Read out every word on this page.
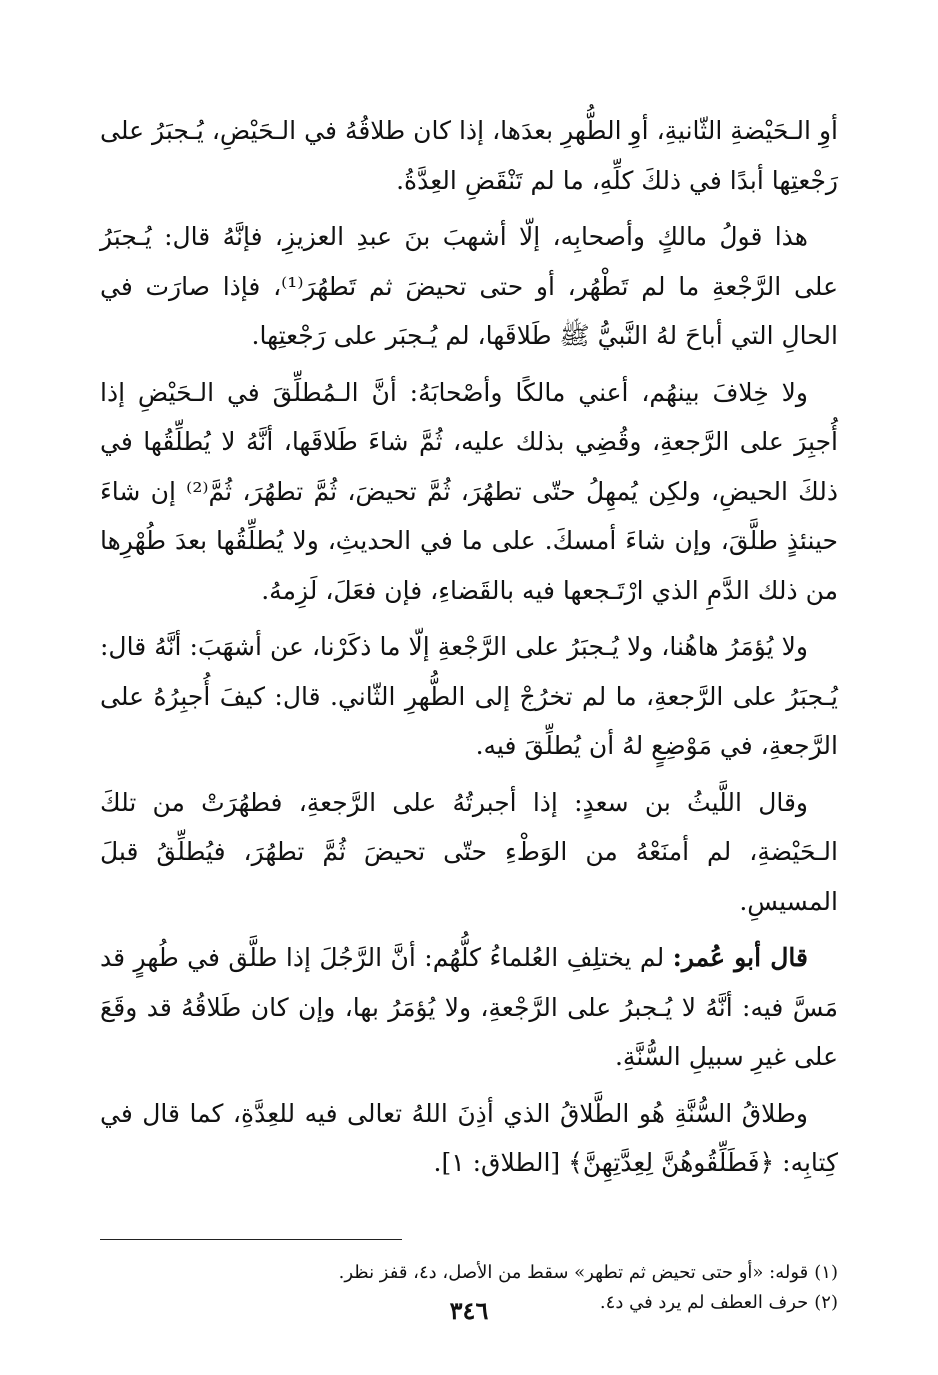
أوِ الـحَيْضةِ الثّانيةِ، أوِ الطُّهرِ بعدَها، إذا كان طلاقُهُ في الـحَيْضِ، يُـجبَرُ على رَجْعتِها أبدًا في ذلكَ كلِّهِ، ما لم تَنْقَضِ العِدَّةُ.
هذا قولُ مالكٍ وأصحابِه، إلّا أشهبَ بنَ عبدِ العزيزِ، فإنَّهُ قال: يُـجبَرُ على الرَّجْعةِ ما لم تَطْهُر، أو حتى تحيضَ ثم تَطهُرَ⁽¹⁾، فإذا صارَت في الحالِ التي أباحَ لهُ النَّبيُّ ﷺ طَلاقَها، لم يُـجبَر على رَجْعتِها.
ولا خِلافَ بينهُم، أعني مالكًا وأصْحابَهُ: أنَّ الـمُطلِّقَ في الـحَيْضِ إذا أُجبِرَ على الرَّجعةِ، وقُضِي بذلك عليه، ثُمَّ شاءَ طَلاقَها، أنَّهُ لا يُطلِّقُها في ذلكَ الحيضِ، ولكِن يُمهِلُ حتّى تطهُرَ، ثُمَّ تحيضَ، ثُمَّ تطهُرَ، ثُمَّ⁽²⁾ إن شاءَ حينئذٍ طلَّقَ، وإن شاءَ أمسكَ. على ما في الحديثِ، ولا يُطلِّقُها بعدَ طُهْرِها من ذلك الدَّمِ الذي ارْتَـجعها فيه بالقَضاءِ، فإن فعَلَ، لَزِمهُ.
ولا يُؤمَرُ هاهُنا، ولا يُـجبَرُ على الرَّجْعةِ إلّا ما ذكَرْنا، عن أشهَبَ: أنَّهُ قال: يُـجبَرُ على الرَّجعةِ، ما لم تخرُجْ إلى الطُّهرِ الثّاني. قال: كيفَ أُجبِرُهُ على الرَّجعةِ، في مَوْضِعٍ لهُ أن يُطلِّقَ فيه.
وقال اللَّيثُ بن سعدٍ: إذا أجبرتُهُ على الرَّجعةِ، فطهُرَتْ من تلكَ الـحَيْضةِ، لم أمنَعْهُ من الوَطْءِ حتّى تحيضَ ثُمَّ تطهُرَ، فيُطلِّقُ قبلَ المسيسِ.
قال أبو عُمر: لم يختلِفِ العُلماءُ كلُّهُم: أنَّ الرَّجُلَ إذا طلَّق في طُهرٍ قد مَسَّ فيه: أنَّهُ لا يُـجبرُ على الرَّجْعةِ، ولا يُؤمَرُ بها، وإن كان طَلاقُهُ قد وقَعَ على غيرِ سبيلِ السُّنَّةِ.
وطلاقُ السُّنَّةِ هُو الطَّلاقُ الذي أذِنَ اللهُ تعالى فيه للعِدَّةِ، كما قال في كِتابِه: ﴿فَطَلِّقُوهُنَّ لِعِدَّتِهِنَّ﴾ [الطلاق: ١].
(١)قوله: «أو حتى تحيض ثم تطهر» سقط من الأصل، د٤، قفز نظر.
(٢)حرف العطف لم يرد في د٤.
٣٤٦
